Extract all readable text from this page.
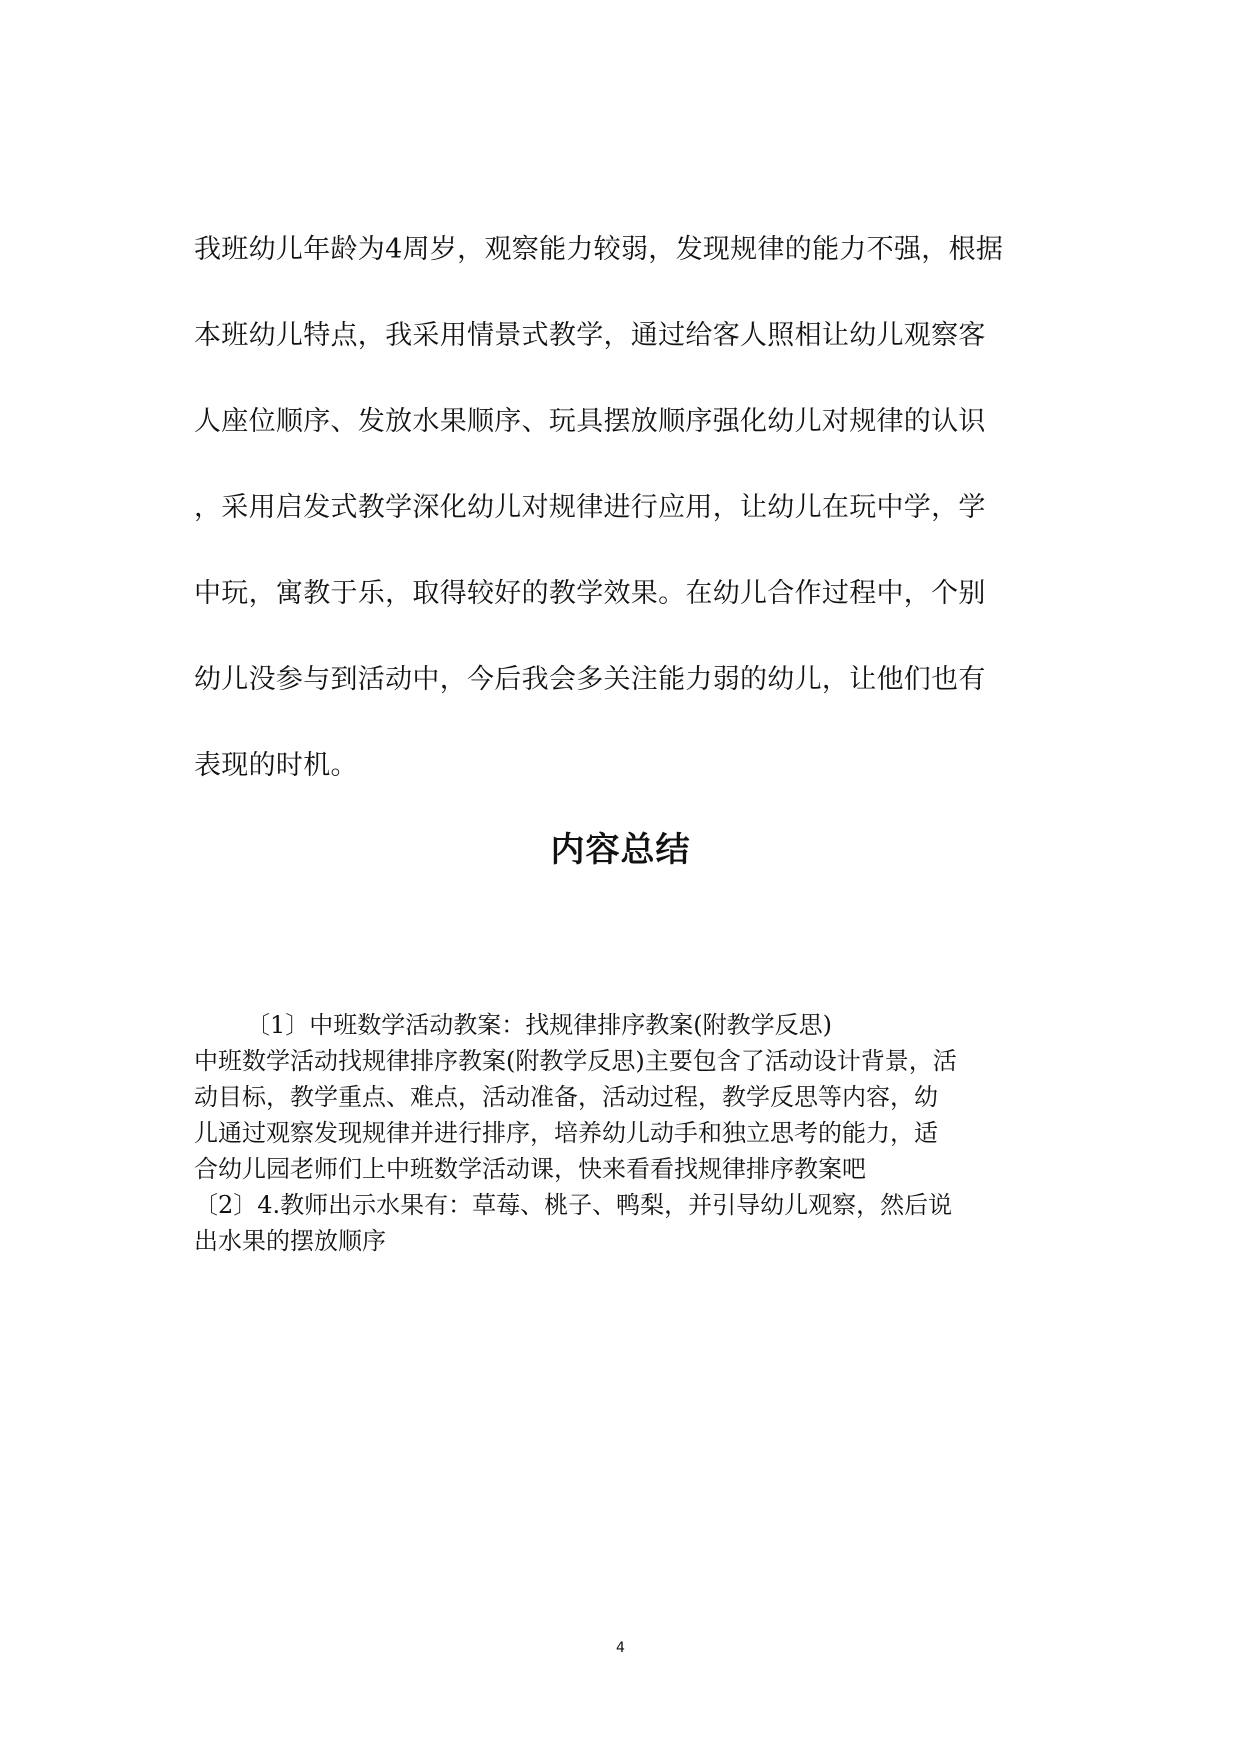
我班幼儿年龄为4周岁，观察能力较弱，发现规律的能力不强，根据
本班幼儿特点，我采用情景式教学，通过给客人照相让幼儿观察客
人座位顺序、发放水果顺序、玩具摆放顺序强化幼儿对规律的认识
，采用启发式教学深化幼儿对规律进行应用，让幼儿在玩中学，学
中玩，寓教于乐，取得较好的教学效果。在幼儿合作过程中，个别
幼儿没参与到活动中，今后我会多关注能力弱的幼儿，让他们也有
表现的时机。
内容总结
〔1〕中班数学活动教案：找规律排序教案(附教学反思)
中班数学活动找规律排序教案(附教学反思)主要包含了活动设计背景，活
动目标，教学重点、难点，活动准备，活动过程，教学反思等内容，幼
儿通过观察发现规律并进行排序，培养幼儿动手和独立思考的能力，适
合幼儿园老师们上中班数学活动课，快来看看找规律排序教案吧
〔2〕4.教师出示水果有：草莓、桃子、鸭梨，并引导幼儿观察，然后说
出水果的摆放顺序
4
